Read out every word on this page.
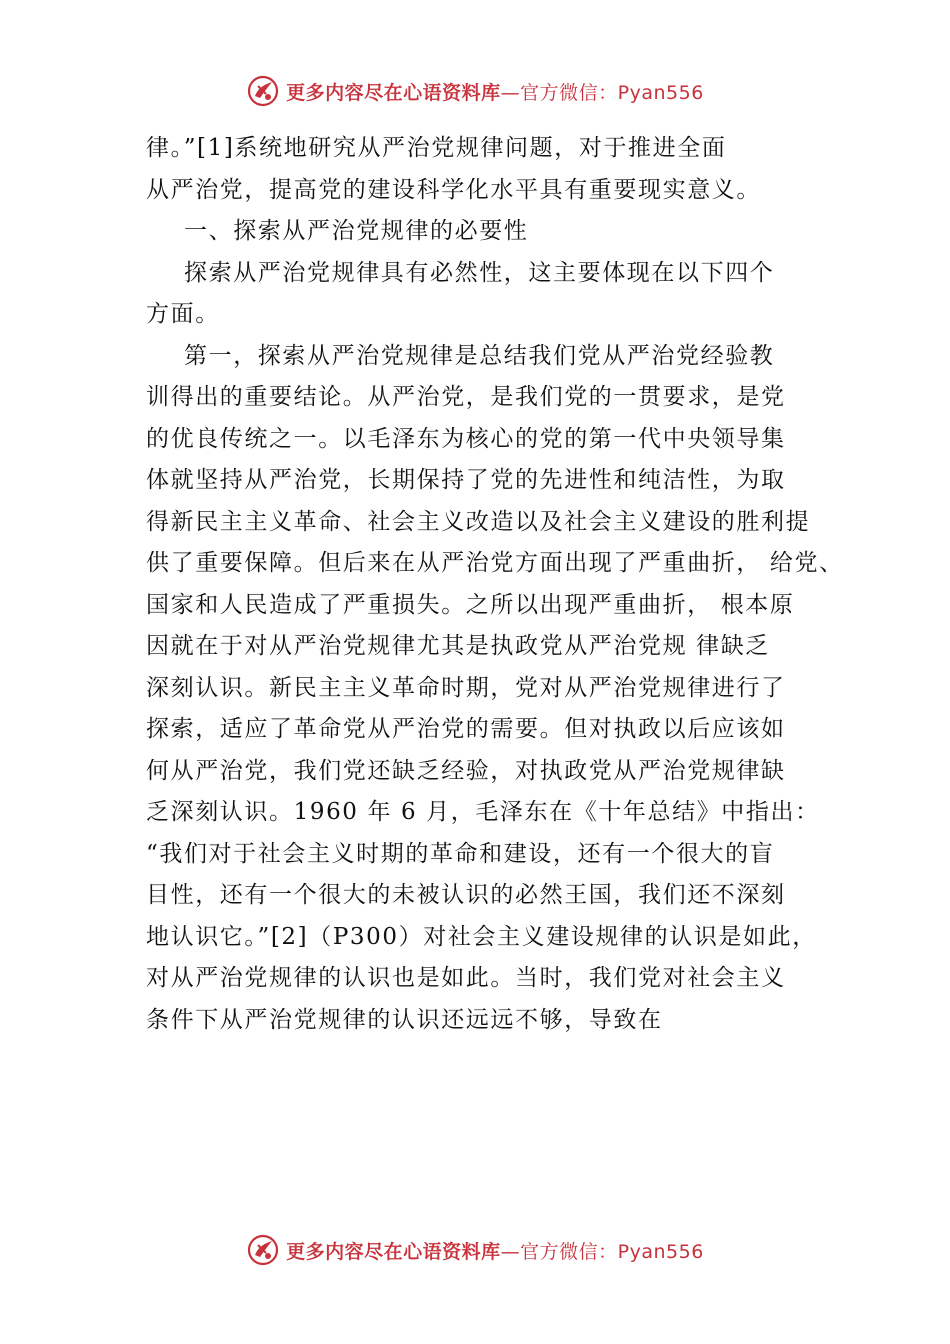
更多内容尽在心语资料库—官方微信：Pyan556
律。”[1]系统地研究从严治党规律问题，对于推进全面
从严治党，提高党的建设科学化水平具有重要现实意义。
一、探索从严治党规律的必要性
探索从严治党规律具有必然性，这主要体现在以下四个
方面。
第一，探索从严治党规律是总结我们党从严治党经验教
训得出的重要结论。从严治党，是我们党的一贯要求，是党
的优良传统之一。以毛泽东为核心的党的第一代中央领导集
体就坚持从严治党，长期保持了党的先进性和纯洁性，为取
得新民主主义革命、社会主义改造以及社会主义建设的胜利提
供了重要保障。但后来在从严治党方面出现了严重曲折， 给党、
国家和人民造成了严重损失。之所以出现严重曲折， 根本原
因就在于对从严治党规律尤其是执政党从严治党规 律缺乏
深刻认识。新民主主义革命时期，党对从严治党规律进行了
探索，适应了革命党从严治党的需要。但对执政以后应该如
何从严治党，我们党还缺乏经验，对执政党从严治党规律缺
乏深刻认识。1960 年 6 月，毛泽东在《十年总结》中指出：
“我们对于社会主义时期的革命和建设，还有一个很大的盲
目性，还有一个很大的未被认识的必然王国，我们还不深刻
地认识它。”[2]（P300）对社会主义建设规律的认识是如此，
对从严治党规律的认识也是如此。当时，我们党对社会主义
条件下从严治党规律的认识还远远不够，导致在
更多内容尽在心语资料库—官方微信：Pyan556
